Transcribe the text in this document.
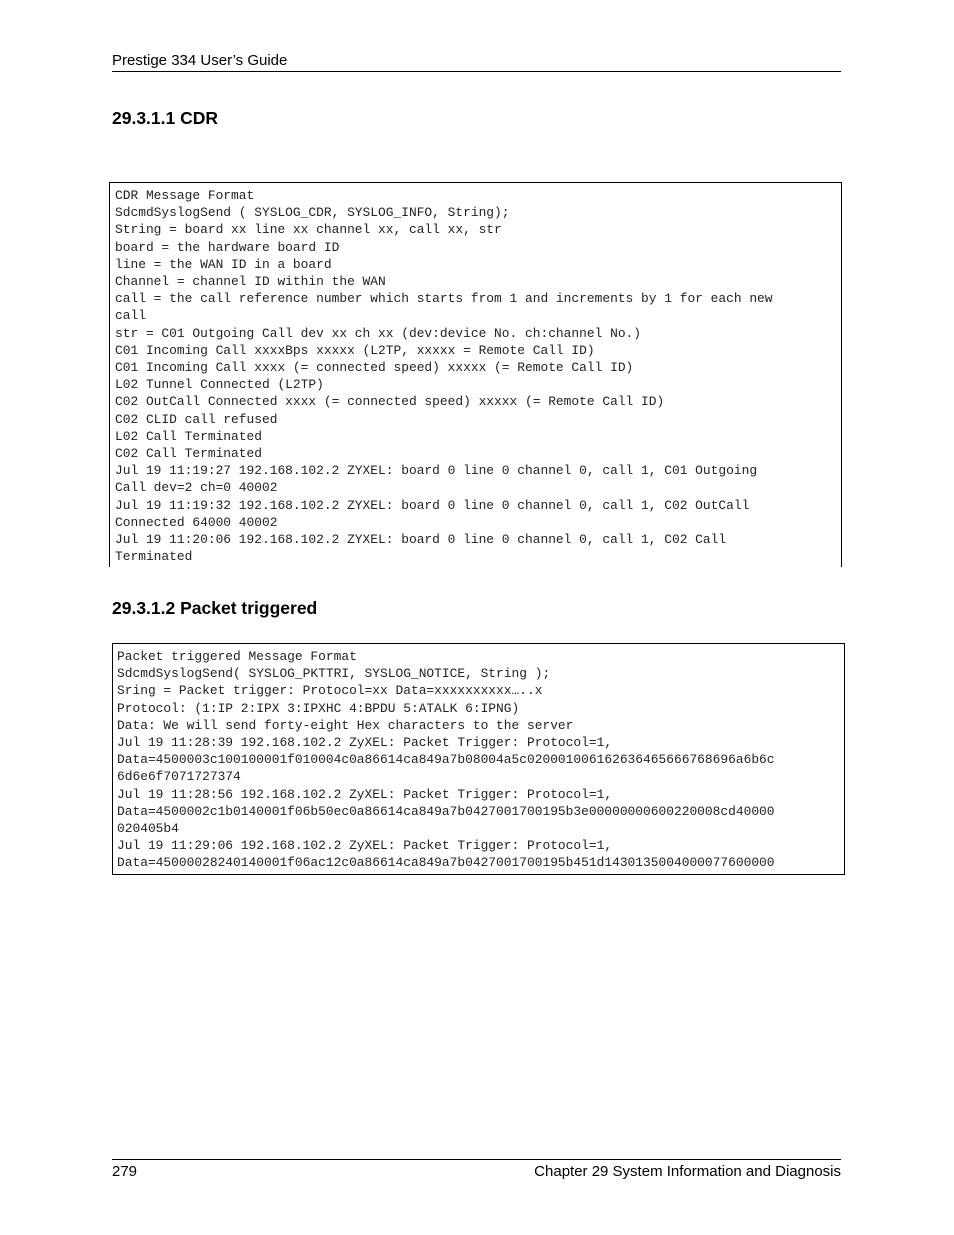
Prestige 334 User’s Guide
29.3.1.1 CDR
CDR Message Format
SdcmdSyslogSend ( SYSLOG_CDR, SYSLOG_INFO, String);
String = board xx line xx channel xx, call xx, str
board = the hardware board ID
line = the WAN ID in a board
Channel = channel ID within the WAN
call = the call reference number which starts from 1 and increments by 1 for each new
call
str = C01 Outgoing Call dev xx ch xx (dev:device No. ch:channel No.)
C01 Incoming Call xxxxBps xxxxx (L2TP, xxxxx = Remote Call ID)
C01 Incoming Call xxxx (= connected speed) xxxxx (= Remote Call ID)
L02 Tunnel Connected (L2TP)
C02 OutCall Connected xxxx (= connected speed) xxxxx (= Remote Call ID)
C02 CLID call refused
L02 Call Terminated
C02 Call Terminated
Jul 19 11:19:27 192.168.102.2 ZYXEL: board 0 line 0 channel 0, call 1, C01 Outgoing
Call dev=2 ch=0 40002
Jul 19 11:19:32 192.168.102.2 ZYXEL: board 0 line 0 channel 0, call 1, C02 OutCall
Connected 64000 40002
Jul 19 11:20:06 192.168.102.2 ZYXEL: board 0 line 0 channel 0, call 1, C02 Call
Terminated
29.3.1.2 Packet triggered
Packet triggered Message Format
SdcmdSyslogSend( SYSLOG_PKTTRI, SYSLOG_NOTICE, String );
Sring = Packet trigger: Protocol=xx Data=xxxxxxxxxx…..x
Protocol: (1:IP 2:IPX 3:IPXHC 4:BPDU 5:ATALK 6:IPNG)
Data: We will send forty-eight Hex characters to the server
Jul 19 11:28:39 192.168.102.2 ZyXEL: Packet Trigger: Protocol=1,
Data=4500003c100100001f010004c0a86614ca849a7b08004a5c020001006162636465666768696a6b6c
6d6e6f7071727374
Jul 19 11:28:56 192.168.102.2 ZyXEL: Packet Trigger: Protocol=1,
Data=4500002c1b0140001f06b50ec0a86614ca849a7b0427001700195b3e00000000600220008cd40000
020405b4
Jul 19 11:29:06 192.168.102.2 ZyXEL: Packet Trigger: Protocol=1,
Data=45000028240140001f06ac12c0a86614ca849a7b0427001700195b451d1430135004000077600000
279	Chapter 29 System Information and Diagnosis
